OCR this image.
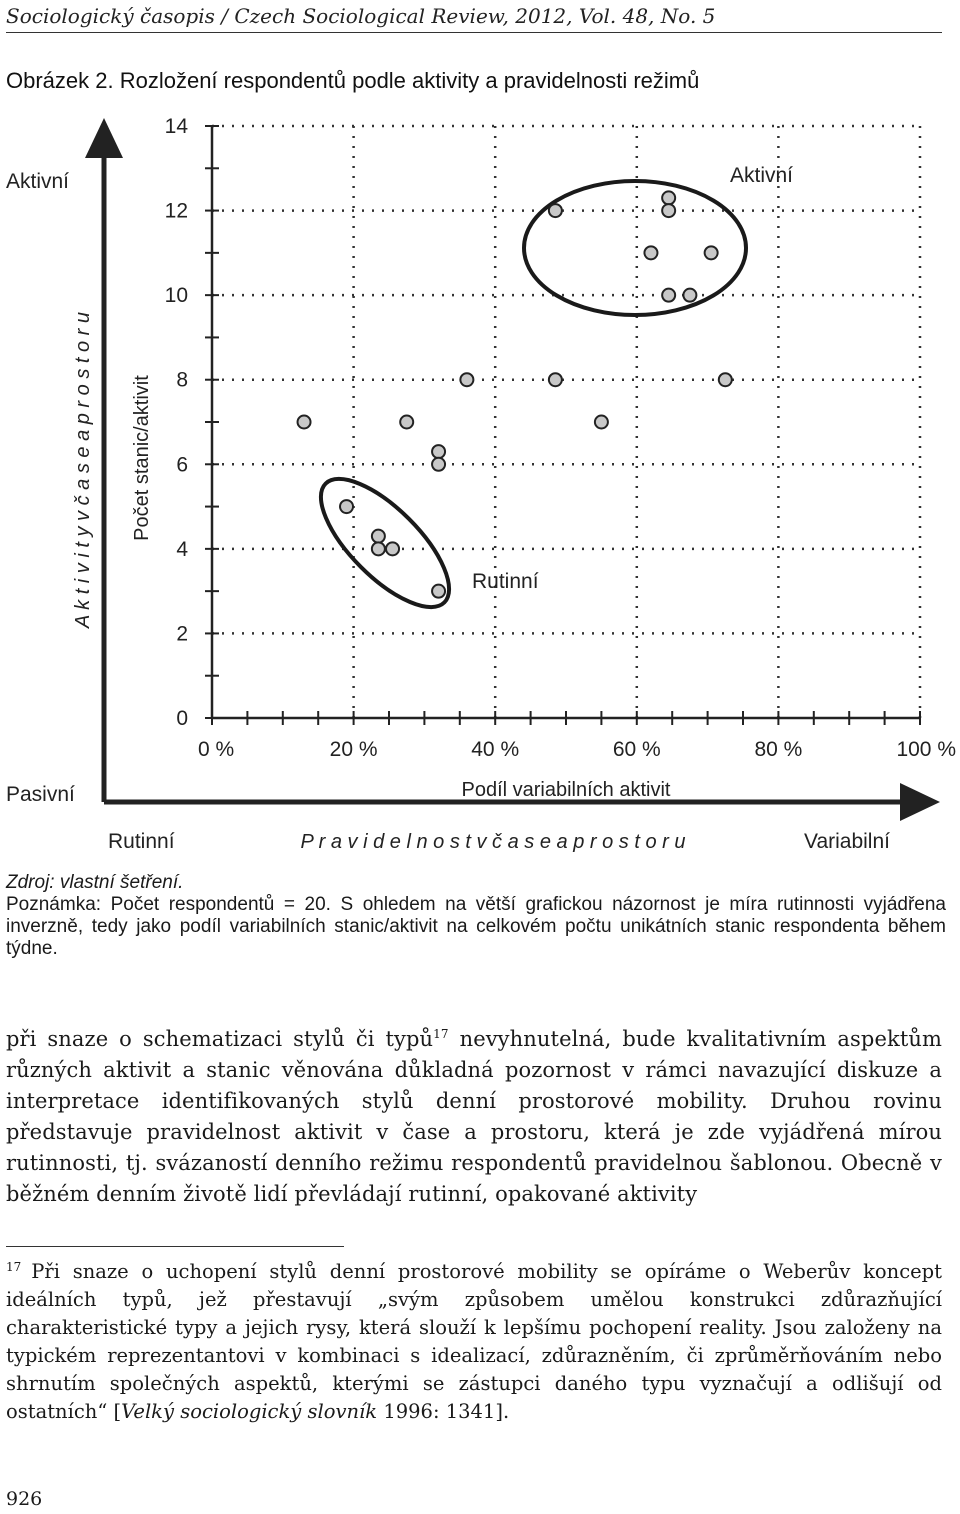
Sociologický časopis / Czech Sociological Review, 2012, Vol. 48, No. 5
Obrázek 2. Rozložení respondentů podle aktivity a pravidelnosti režimů
Aktivní
Pasivní
A k t i v i t y v č a s e a p r o s t o r u
Rutinní	P r a v i d e l n o s t v č a s e a p r o s t o r u	Variabilní
0
2
4
6
8
10
12
14
0 %	20 %	40 %	60 %	80 %	100 %
Aktivní
Rutinní
Počet stanic/aktivit
Podíl variabilních aktivit
Zdroj: vlastní šetření.
Poznámka: Počet respondentů = 20. S ohledem na větší grafickou názornost je míra rutinnosti vyjádřena inverzně, tedy jako podíl variabilních stanic/aktivit na celkovém počtu unikátních stanic respondenta během týdne.
při snaze o schematizaci stylů či typů$^{17}$ nevyhnutelná, bude kvalitativním aspektům různých aktivit a stanic věnována důkladná pozornost v rámci navazující diskuze a interpretace identifikovaných stylů denní prostorové mobility. Druhou rovinu představuje pravidelnost aktivit v čase a prostoru, která je zde vyjádřená mírou rutinnosti, tj. svázaností denního režimu respondentů pravidelnou šablonou. Obecně v běžném denním životě lidí převládají rutinní, opakované aktivity
$^{17}$ Při snaze o uchopení stylů denní prostorové mobility se opíráme o Weberův koncept ideálních typů, jež přestavují „svým způsobem umělou konstrukci zdůrazňující charakteristické typy a jejich rysy, která slouží k lepšímu pochopení reality. Jsou založeny na typickém reprezentantovi v kombinaci s idealizací, zdůrazněním, či zprůměrňováním nebo shrnutím společných aspektů, kterými se zástupci daného typu vyznačují a odlišují od ostatních“ [Velký sociologický slovník 1996: 1341].
926
